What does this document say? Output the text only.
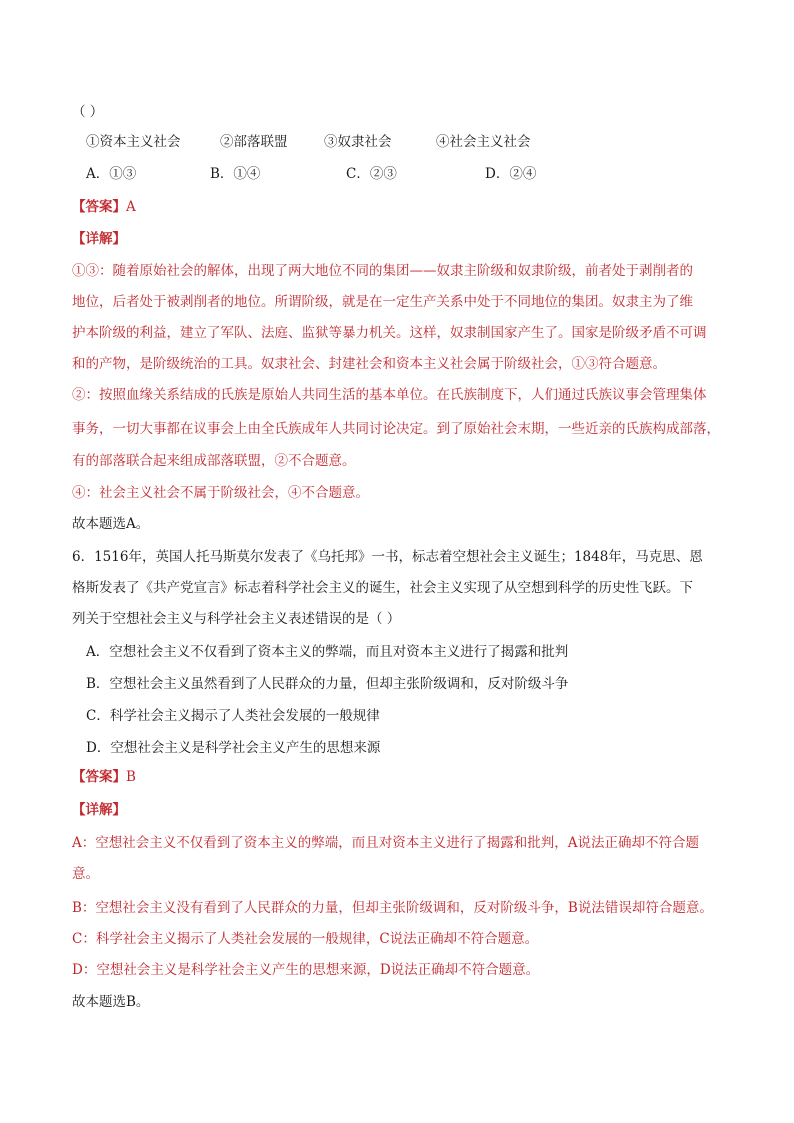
（ ）
①资本主义社会	②部落联盟	③奴隶社会	④社会主义社会
A．①③	B．①④	C．②③	D．②④
【答案】A
【详解】
①③：随着原始社会的解体，出现了两大地位不同的集团——奴隶主阶级和奴隶阶级，前者处于剥削者的
地位，后者处于被剥削者的地位。所谓阶级，就是在一定生产关系中处于不同地位的集团。奴隶主为了维
护本阶级的利益，建立了军队、法庭、监狱等暴力机关。这样，奴隶制国家产生了。国家是阶级矛盾不可调
和的产物，是阶级统治的工具。奴隶社会、封建社会和资本主义社会属于阶级社会，①③符合题意。
②：按照血缘关系结成的氏族是原始人共同生活的基本单位。在氏族制度下，人们通过氏族议事会管理集体
事务，一切大事都在议事会上由全氏族成年人共同讨论决定。到了原始社会末期，一些近亲的氏族构成部落，
有的部落联合起来组成部落联盟，②不合题意。
④：社会主义社会不属于阶级社会，④不合题意。
故本题选A。
6．1516年，英国人托马斯莫尔发表了《乌托邦》一书，标志着空想社会主义诞生；1848年，马克思、恩
格斯发表了《共产党宣言》标志着科学社会主义的诞生，社会主义实现了从空想到科学的历史性飞跃。下
列关于空想社会主义与科学社会主义表述错误的是（ ）
A．空想社会主义不仅看到了资本主义的弊端，而且对资本主义进行了揭露和批判
B．空想社会主义虽然看到了人民群众的力量，但却主张阶级调和，反对阶级斗争
C．科学社会主义揭示了人类社会发展的一般规律
D．空想社会主义是科学社会主义产生的思想来源
【答案】B
【详解】
A：空想社会主义不仅看到了资本主义的弊端，而且对资本主义进行了揭露和批判，A说法正确却不符合题
意。
B：空想社会主义没有看到了人民群众的力量，但却主张阶级调和，反对阶级斗争，B说法错误却符合题意。
C：科学社会主义揭示了人类社会发展的一般规律，C说法正确却不符合题意。
D：空想社会主义是科学社会主义产生的思想来源，D说法正确却不符合题意。
故本题选B。
